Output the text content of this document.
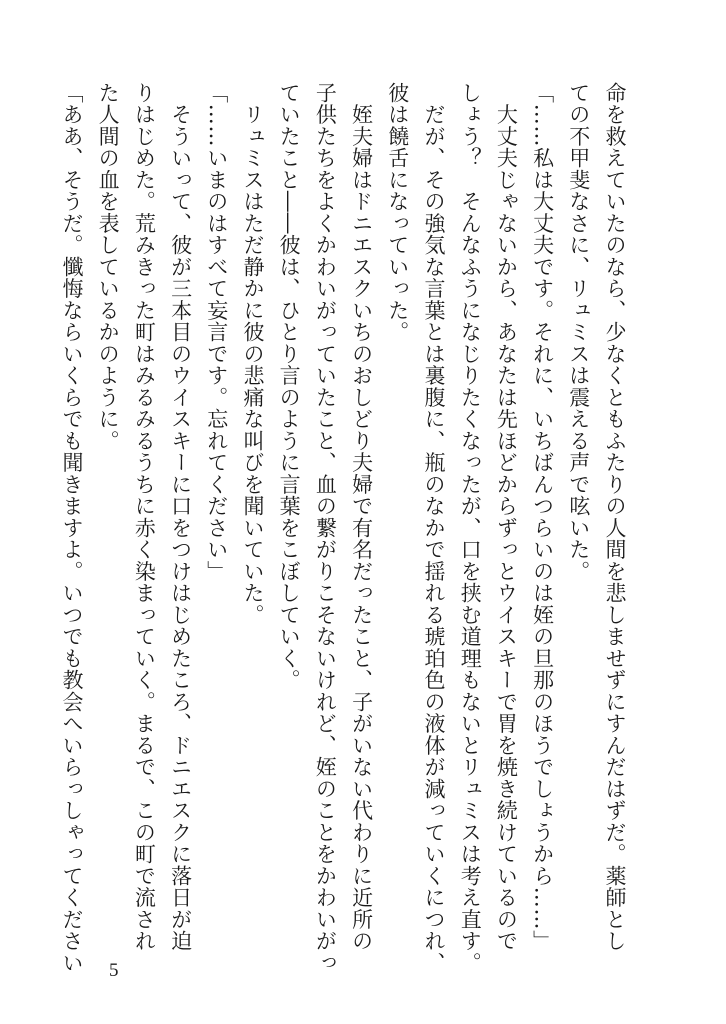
命を救えていたのなら、少なくともふたりの人間を悲しませずにすんだはずだ。薬師とし
ての不甲斐なさに、リュミスは震える声で呟いた。
「……私は大丈夫です。それに、いちばんつらいのは姪の旦那のほうでしょうから……」
　大丈夫じゃないから、あなたは先ほどからずっとウイスキーで胃を焼き続けているので
しょう？　そんなふうになじりたくなったが、口を挟む道理もないとリュミスは考え直す。
　だが、その強気な言葉とは裏腹に、瓶のなかで揺れる琥珀色の液体が減っていくにつれ、
彼は饒舌になっていった。
　姪夫婦はドニエスクいちのおしどり夫婦で有名だったこと、子がいない代わりに近所の
子供たちをよくかわいがっていたこと、血の繋がりこそないけれど、姪のことをかわいがっ
ていたこと――彼は、ひとり言のように言葉をこぼしていく。
　リュミスはただ静かに彼の悲痛な叫びを聞いていた。
「……いまのはすべて妄言です。忘れてください」
　そういって、彼が三本目のウイスキーに口をつけはじめたころ、ドニエスクに落日が迫
りはじめた。荒みきった町はみるみるうちに赤く染まっていく。まるで、この町で流され
た人間の血を表しているかのように。
「ああ、そうだ。懺悔ならいくらでも聞きますよ。いつでも教会へいらっしゃってください	5
